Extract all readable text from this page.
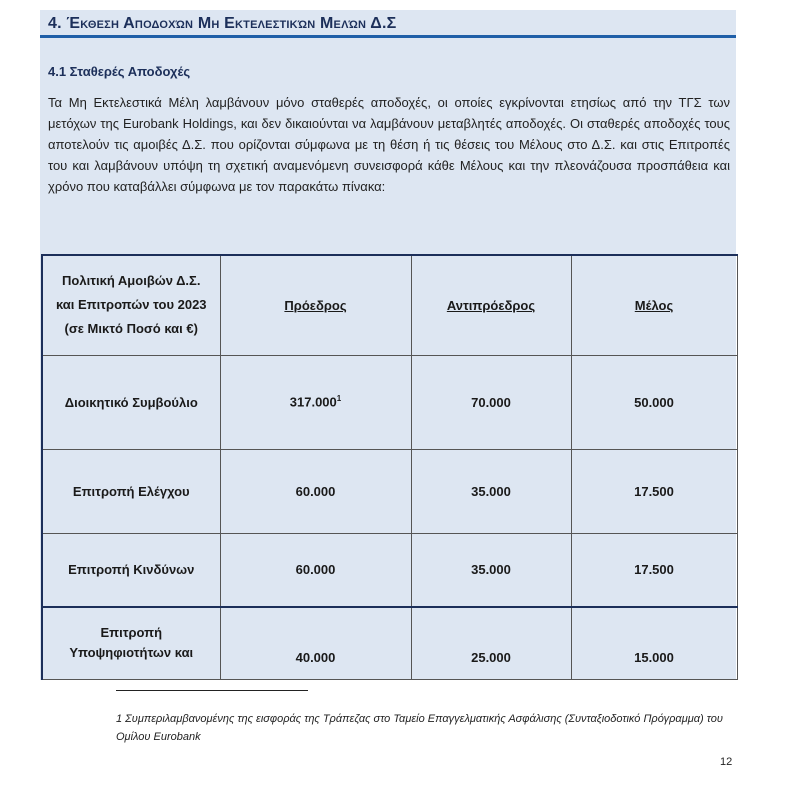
4. Έκθεση Αποδοχών Μη Εκτελεστικών Μελών Δ.Σ
4.1 Σταθερές Αποδοχές
Τα Μη Εκτελεστικά Μέλη λαμβάνουν μόνο σταθερές αποδοχές, οι οποίες εγκρίνονται ετησίως από την ΤΓΣ των μετόχων της Eurobank Holdings, και δεν δικαιούνται να λαμβάνουν μεταβλητές αποδοχές. Οι σταθερές αποδοχές τους αποτελούν τις αμοιβές Δ.Σ. που ορίζονται σύμφωνα με τη θέση ή τις θέσεις του Μέλους στο Δ.Σ. και στις Επιτροπές του και λαμβάνουν υπόψη τη σχετική αναμενόμενη συνεισφορά κάθε Μέλους και την πλεονάζουσα προσπάθεια και χρόνο που καταβάλλει σύμφωνα με τον παρακάτω πίνακα:
Πολιτική Αμοιβών Δ.Σ.
και Επιτροπών του 2023
(σε Μικτό Ποσό και €)	Πρόεδρος	Αντιπρόεδρος	Μέλος
Διοικητικό Συμβούλιο	317.000$^1$	70.000	50.000
Επιτροπή Ελέγχου	60.000	35.000	17.500
Επιτροπή Κινδύνων	60.000	35.000	17.500

Επιτροπή
Υποψηφιοτήτων και	40.000	25.000	15.000
1 Συμπεριλαμβανομένης της εισφοράς της Τράπεζας στο Ταμείο Επαγγελματικής Ασφάλισης (Συνταξιοδοτικό Πρόγραμμα) του Ομίλου Eurobank
12
